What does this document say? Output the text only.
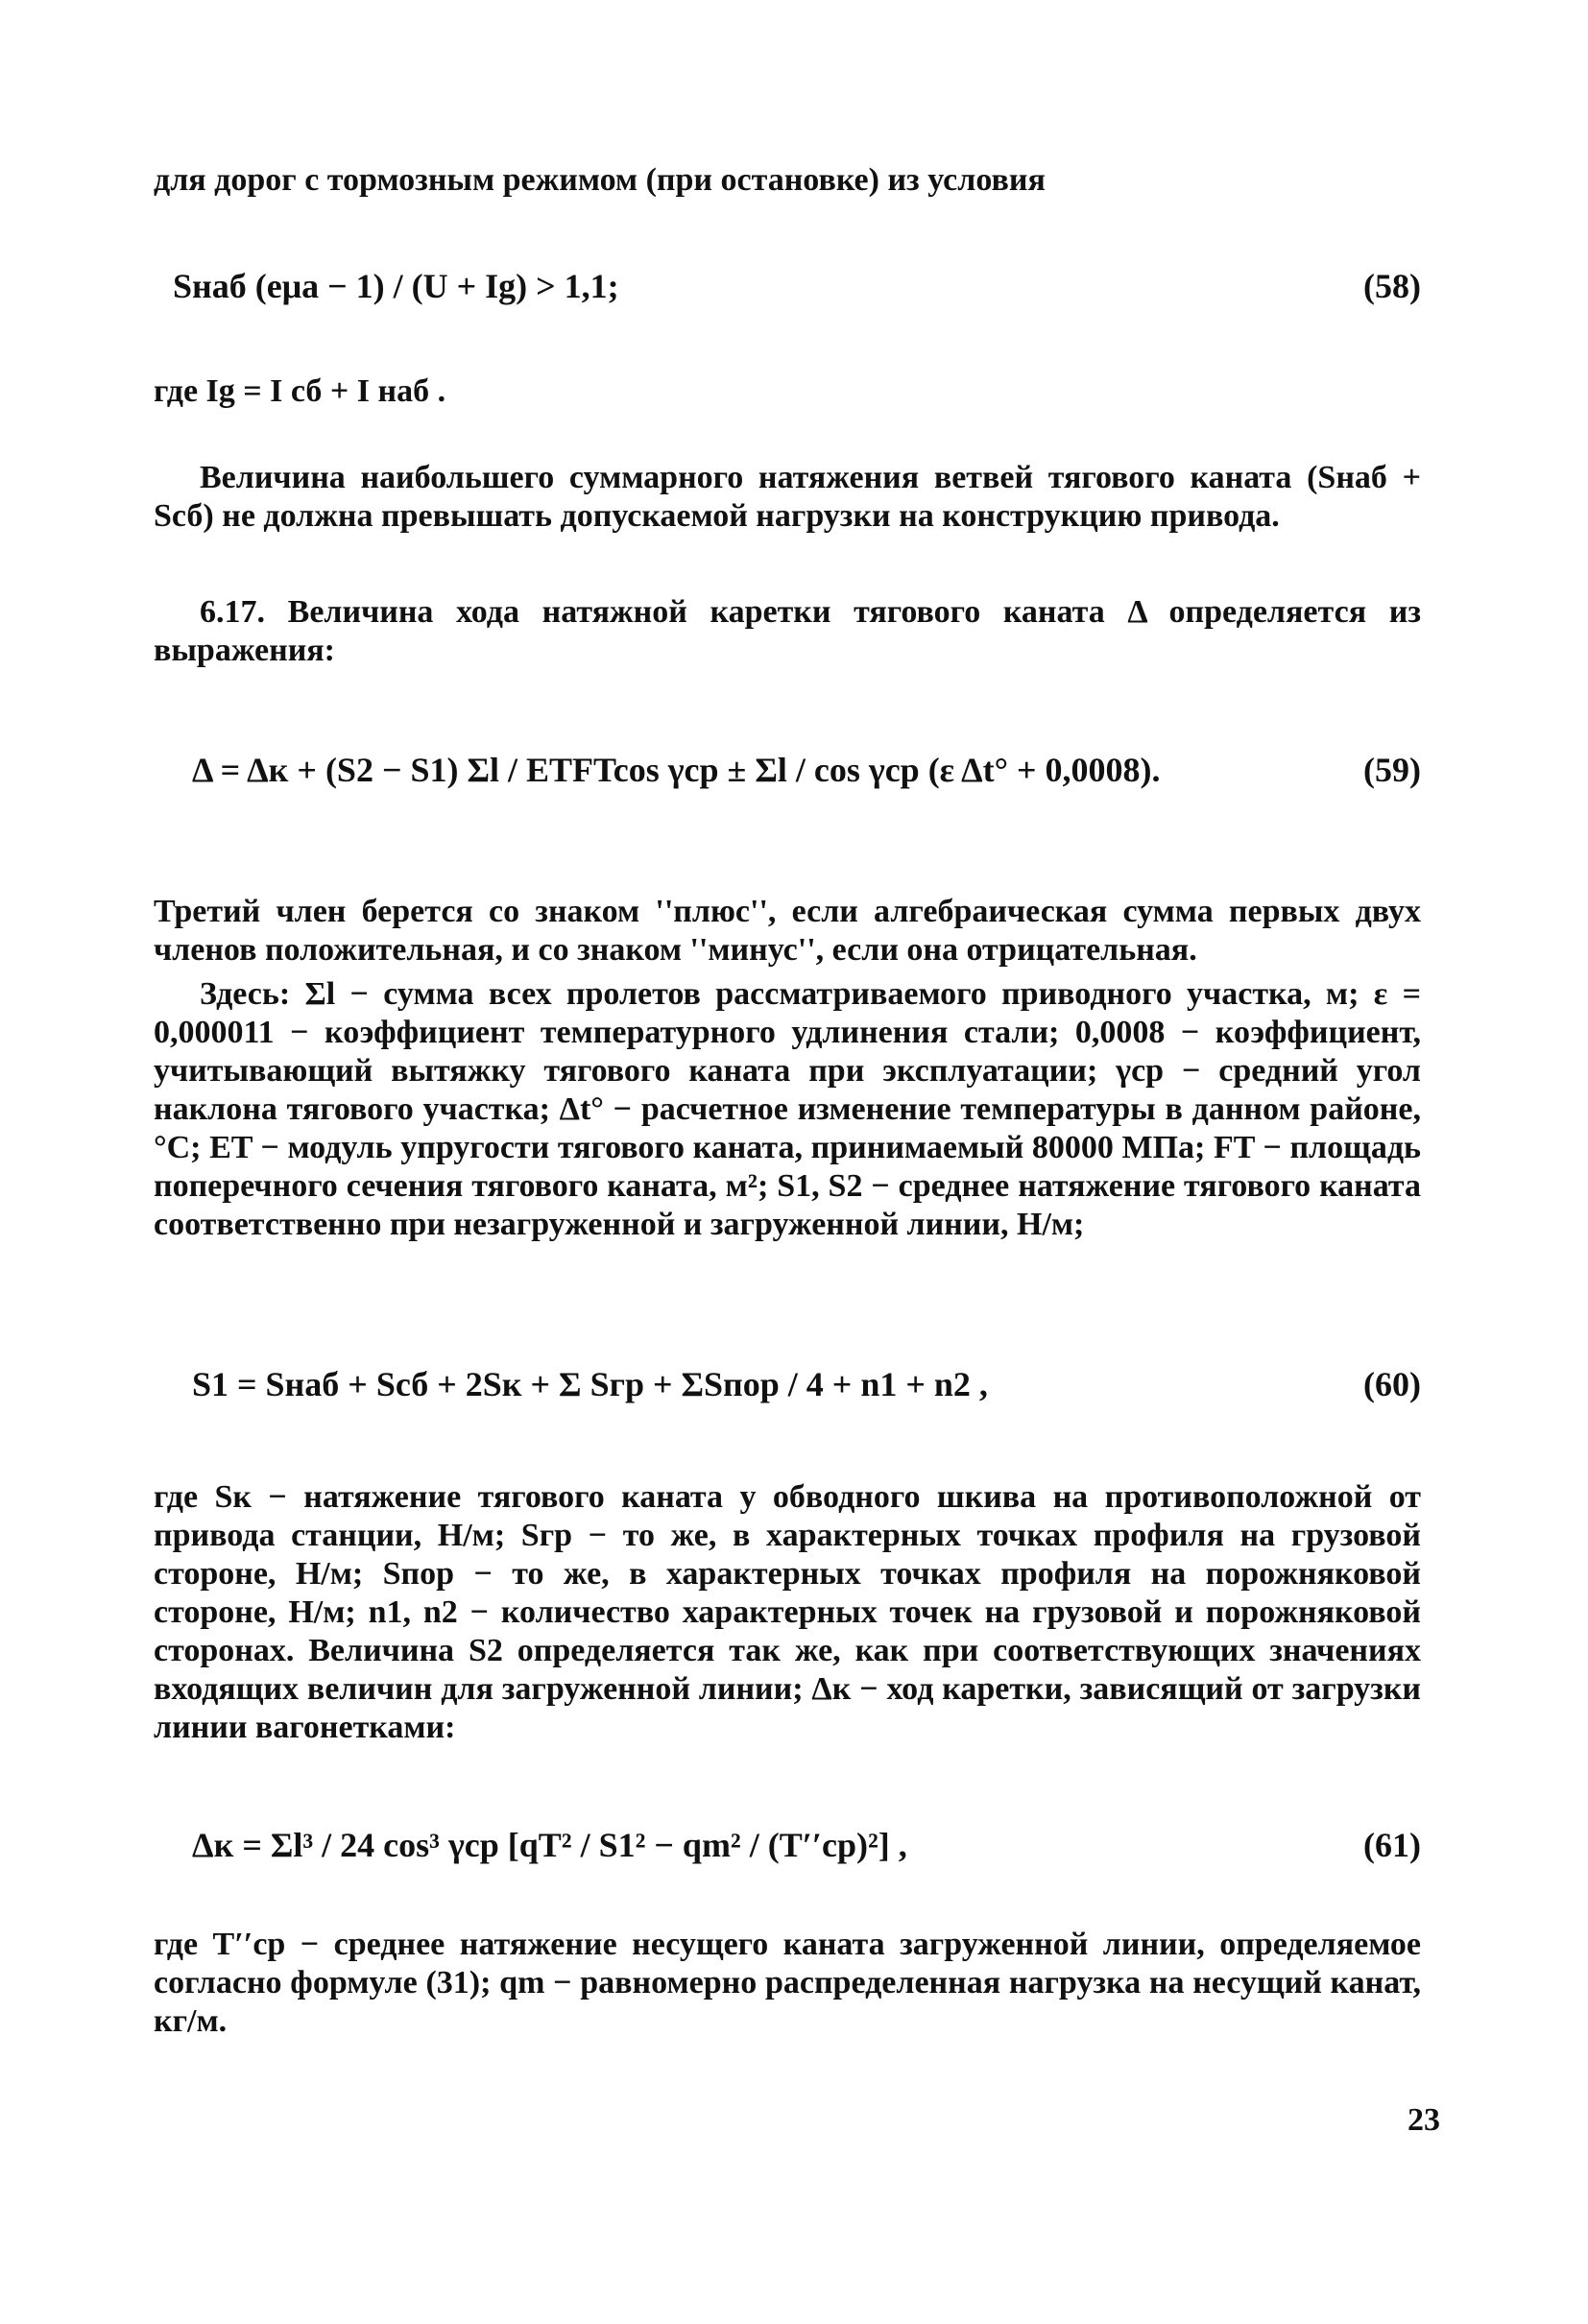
для дорог с тормозным режимом (при остановке) из условия
Sнаб (eμa − 1) / (U + Ig) > 1,1;	(58)
где Ig = I сб + I наб .
Величина наибольшего суммарного натяжения ветвей тягового каната (Sнаб + Sсб) не должна превышать допускаемой нагрузки на конструкцию привода.
6.17. Величина хода натяжной каретки тягового каната Δ определяется из выражения:
Δ = Δк + (S2 − S1) Σl / ETFTcos γср ± Σl / cos γср (ε Δt° + 0,0008).	(59)
Третий член берется со знаком ''плюс'', если алгебраическая сумма первых двух членов положительная, и со знаком ''минус'', если она отрицательная.
Здесь: Σl − сумма всех пролетов рассматриваемого приводного участка, м; ε = 0,000011 − коэффициент температурного удлинения стали; 0,0008 − коэффициент, учитывающий вытяжку тягового каната при эксплуатации; γср − средний угол наклона тягового участка; Δt° − расчетное изменение температуры в данном районе, °С; ET − модуль упругости тягового каната, принимаемый 80000 МПа; FT − площадь поперечного сечения тягового каната, м²; S1, S2 − среднее натяжение тягового каната соответственно при незагруженной и загруженной линии, Н/м;
S1 = Sнаб + Sсб + 2Sк + Σ Sгр + ΣSпор / 4 + n1 + n2 ,	(60)
где Sк − натяжение тягового каната у обводного шкива на противоположной от привода станции, Н/м; Sгр − то же, в характерных точках профиля на грузовой стороне, Н/м; Sпор − то же, в характерных точках профиля на порожняковой стороне, Н/м; n1, n2 − количество характерных точек на грузовой и порожняковой сторонах. Величина S2 определяется так же, как при соответствующих значениях входящих величин для загруженной линии; Δк − ход каретки, зависящий от загрузки линии вагонетками:
Δк = Σl³ / 24 cos³ γср [qT² / S1² − qm² / (T′′ср)²] ,	(61)
где T′′ср − среднее натяжение несущего каната загруженной линии, определяемое согласно формуле (31); qm − равномерно распределенная нагрузка на несущий канат, кг/м.
23
